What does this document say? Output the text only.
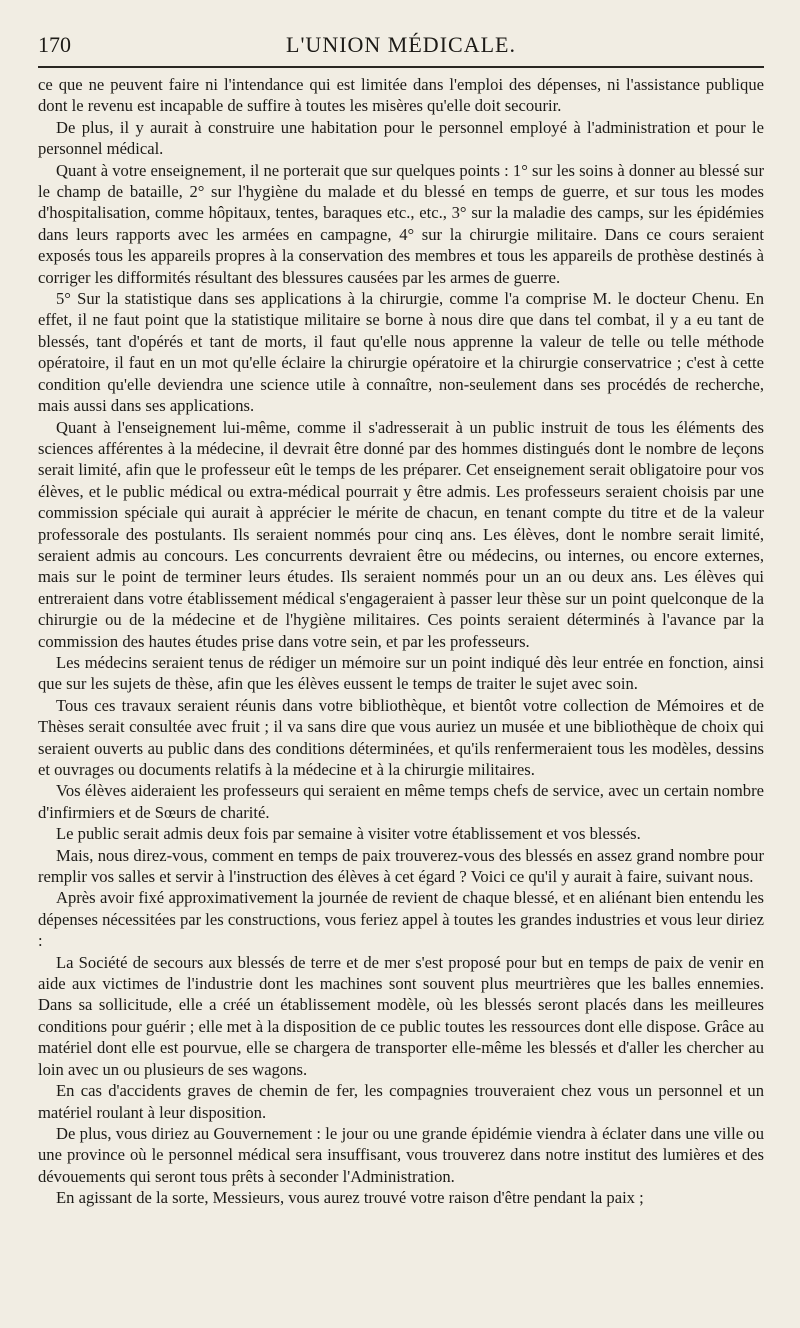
170	L'UNION MÉDICALE.

ce que ne peuvent faire ni l'intendance qui est limitée dans l'emploi des dépenses, ni l'assistance publique dont le revenu est incapable de suffire à toutes les misères qu'elle doit secourir.

De plus, il y aurait à construire une habitation pour le personnel employé à l'administration et pour le personnel médical.

Quant à votre enseignement, il ne porterait que sur quelques points : 1° sur les soins à donner au blessé sur le champ de bataille, 2° sur l'hygiène du malade et du blessé en temps de guerre, et sur tous les modes d'hospitalisation, comme hôpitaux, tentes, baraques etc., etc., 3° sur la maladie des camps, sur les épidémies dans leurs rapports avec les armées en campagne, 4° sur la chirurgie militaire. Dans ce cours seraient exposés tous les appareils propres à la conservation des membres et tous les appareils de prothèse destinés à corriger les difformités résultant des blessures causées par les armes de guerre.

5° Sur la statistique dans ses applications à la chirurgie, comme l'a comprise M. le docteur Chenu. En effet, il ne faut point que la statistique militaire se borne à nous dire que dans tel combat, il y a eu tant de blessés, tant d'opérés et tant de morts, il faut qu'elle nous apprenne la valeur de telle ou telle méthode opératoire, il faut en un mot qu'elle éclaire la chirurgie opératoire et la chirurgie conservatrice ; c'est à cette condition qu'elle deviendra une science utile à connaître, non-seulement dans ses procédés de recherche, mais aussi dans ses applications.

Quant à l'enseignement lui-même, comme il s'adresserait à un public instruit de tous les éléments des sciences afférentes à la médecine, il devrait être donné par des hommes distingués dont le nombre de leçons serait limité, afin que le professeur eût le temps de les préparer. Cet enseignement serait obligatoire pour vos élèves, et le public médical ou extra-médical pourrait y être admis. Les professeurs seraient choisis par une commission spéciale qui aurait à apprécier le mérite de chacun, en tenant compte du titre et de la valeur professorale des postulants. Ils seraient nommés pour cinq ans. Les élèves, dont le nombre serait limité, seraient admis au concours. Les concurrents devraient être ou médecins, ou internes, ou encore externes, mais sur le point de terminer leurs études. Ils seraient nommés pour un an ou deux ans. Les élèves qui entreraient dans votre établissement médical s'engageraient à passer leur thèse sur un point quelconque de la chirurgie ou de la médecine et de l'hygiène militaires. Ces points seraient déterminés à l'avance par la commission des hautes études prise dans votre sein, et par les professeurs.

Les médecins seraient tenus de rédiger un mémoire sur un point indiqué dès leur entrée en fonction, ainsi que sur les sujets de thèse, afin que les élèves eussent le temps de traiter le sujet avec soin.

Tous ces travaux seraient réunis dans votre bibliothèque, et bientôt votre collection de Mémoires et de Thèses serait consultée avec fruit ; il va sans dire que vous auriez un musée et une bibliothèque de choix qui seraient ouverts au public dans des conditions déterminées, et qu'ils renfermeraient tous les modèles, dessins et ouvrages ou documents relatifs à la médecine et à la chirurgie militaires.

Vos élèves aideraient les professeurs qui seraient en même temps chefs de service, avec un certain nombre d'infirmiers et de Sœurs de charité.

Le public serait admis deux fois par semaine à visiter votre établissement et vos blessés.

Mais, nous direz-vous, comment en temps de paix trouverez-vous des blessés en assez grand nombre pour remplir vos salles et servir à l'instruction des élèves à cet égard ? Voici ce qu'il y aurait à faire, suivant nous.

Après avoir fixé approximativement la journée de revient de chaque blessé, et en aliénant bien entendu les dépenses nécessitées par les constructions, vous feriez appel à toutes les grandes industries et vous leur diriez :

La Société de secours aux blessés de terre et de mer s'est proposé pour but en temps de paix de venir en aide aux victimes de l'industrie dont les machines sont souvent plus meurtrières que les balles ennemies. Dans sa sollicitude, elle a créé un établissement modèle, où les blessés seront placés dans les meilleures conditions pour guérir ; elle met à la disposition de ce public toutes les ressources dont elle dispose. Grâce au matériel dont elle est pourvue, elle se chargera de transporter elle-même les blessés et d'aller les chercher au loin avec un ou plusieurs de ses wagons.

En cas d'accidents graves de chemin de fer, les compagnies trouveraient chez vous un personnel et un matériel roulant à leur disposition.

De plus, vous diriez au Gouvernement : le jour ou une grande épidémie viendra à éclater dans une ville ou une province où le personnel médical sera insuffisant, vous trouverez dans notre institut des lumières et des dévouements qui seront tous prêts à seconder l'Administration.

En agissant de la sorte, Messieurs, vous aurez trouvé votre raison d'être pendant la paix ;
